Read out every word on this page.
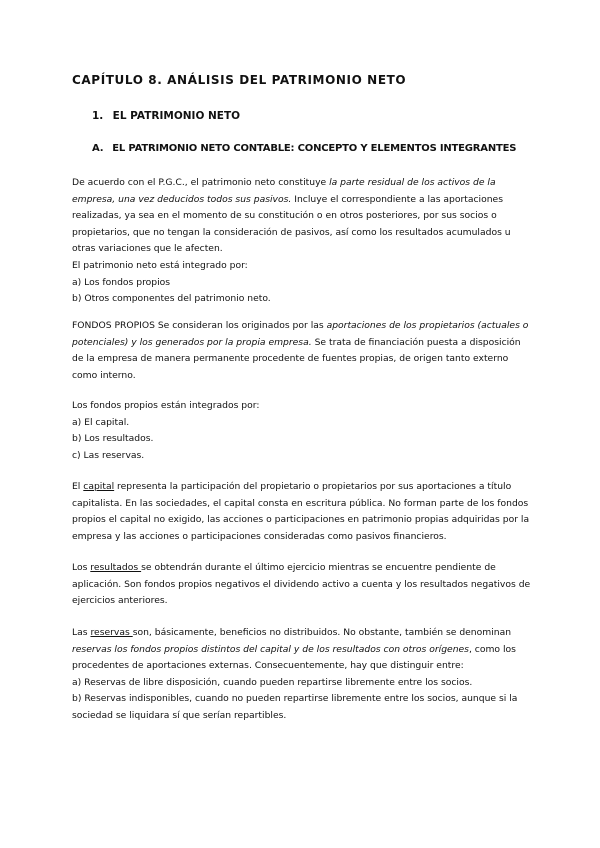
CAPÍTULO 8. ANÁLISIS DEL PATRIMONIO NETO
1. EL PATRIMONIO NETO
A. EL PATRIMONIO NETO CONTABLE: CONCEPTO Y ELEMENTOS INTEGRANTES

De acuerdo con el P.G.C., el patrimonio neto constituye la parte residual de los activos de la empresa, una vez deducidos todos sus pasivos. Incluye el correspondiente a las aportaciones realizadas, ya sea en el momento de su constitución o en otros posteriores, por sus socios o propietarios, que no tengan la consideración de pasivos, así como los resultados acumulados u otras variaciones que le afecten.

El patrimonio neto está integrado por:

a) Los fondos propios

b) Otros componentes del patrimonio neto.

FONDOS PROPIOS Se consideran los originados por las aportaciones de los propietarios (actuales o potenciales) y los generados por la propia empresa. Se trata de financiación puesta a disposición de la empresa de manera permanente procedente de fuentes propias, de origen tanto externo como interno.

Los fondos propios están integrados por:

a) El capital.

b) Los resultados.

c) Las reservas.

El capital representa la participación del propietario o propietarios por sus aportaciones a título capitalista. En las sociedades, el capital consta en escritura pública. No forman parte de los fondos propios el capital no exigido, las acciones o participaciones en patrimonio propias adquiridas por la empresa y las acciones o participaciones consideradas como pasivos financieros.

Los resultados se obtendrán durante el último ejercicio mientras se encuentre pendiente de aplicación. Son fondos propios negativos el dividendo activo a cuenta y los resultados negativos de ejercicios anteriores.

Las reservas son, básicamente, beneficios no distribuidos. No obstante, también se denominan reservas los fondos propios distintos del capital y de los resultados con otros orígenes, como los procedentes de aportaciones externas. Consecuentemente, hay que distinguir entre:

a) Reservas de libre disposición, cuando pueden repartirse libremente entre los socios.

b) Reservas indisponibles, cuando no pueden repartirse libremente entre los socios, aunque si la sociedad se liquidara sí que serían repartibles.
